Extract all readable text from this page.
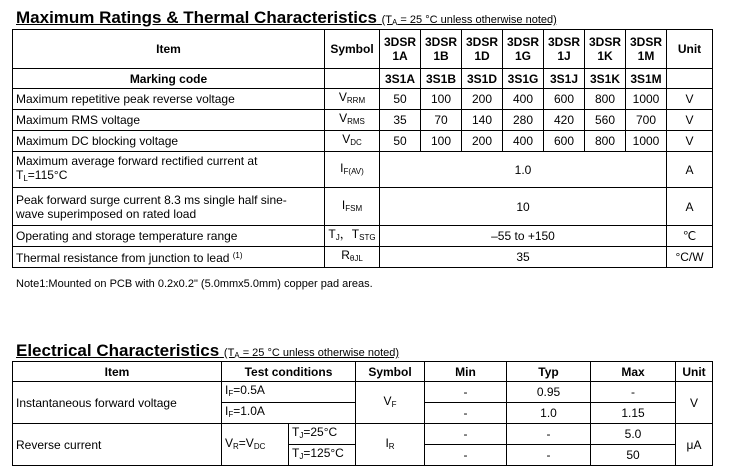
Maximum Ratings & Thermal Characteristics ($T_A = 25$ °C unless otherwise noted)
Item	Symbol	3DSR 1A	3DSR 1B	3DSR 1D	3DSR 1G	3DSR 1J	3DSR 1K	3DSR 1M	Unit
Marking code		3S1A	3S1B	3S1D	3S1G	3S1J	3S1K	3S1M	
Maximum repetitive peak reverse voltage	$V_{RRM}$	50	100	200	400	600	800	1000	V
Maximum RMS voltage	$V_{RMS}$	35	70	140	280	420	560	700	V
Maximum DC blocking voltage	$V_{DC}$	50	100	200	400	600	800	1000	V
Maximum average forward rectified current at
$T_L=115^\circ C$	$I_{F(AV)}$	1.0							A
Peak forward surge current 8.3 ms single half sine-
wave superimposed on rated load	$I_{FSM}$	10							A
Operating and storage temperature range	$T_J$，$T_{STG}$	–55 to +150							℃
Thermal resistance from junction to lead $^{(1)}$	$R_{\theta JL}$	35							°C/W
Note1:Mounted on PCB with 0.2x0.2" (5.0mmx5.0mm) copper pad areas.
Electrical Characteristics ($T_A = 25$ °C unless otherwise noted)
Item	Test conditions		Symbol	Min	Typ	Max	Unit
Instantaneous forward voltage	$I_F=0.5A$		$V_F$	-	0.95	-	V
	$I_F=1.0A$			-	1.0	1.15	
Reverse current	$V_R=V_{DC}$	$T_J=25^\circ C$	$I_R$	-	-	5.0	μA
		$T_J=125^\circ C$		-	-	50	
